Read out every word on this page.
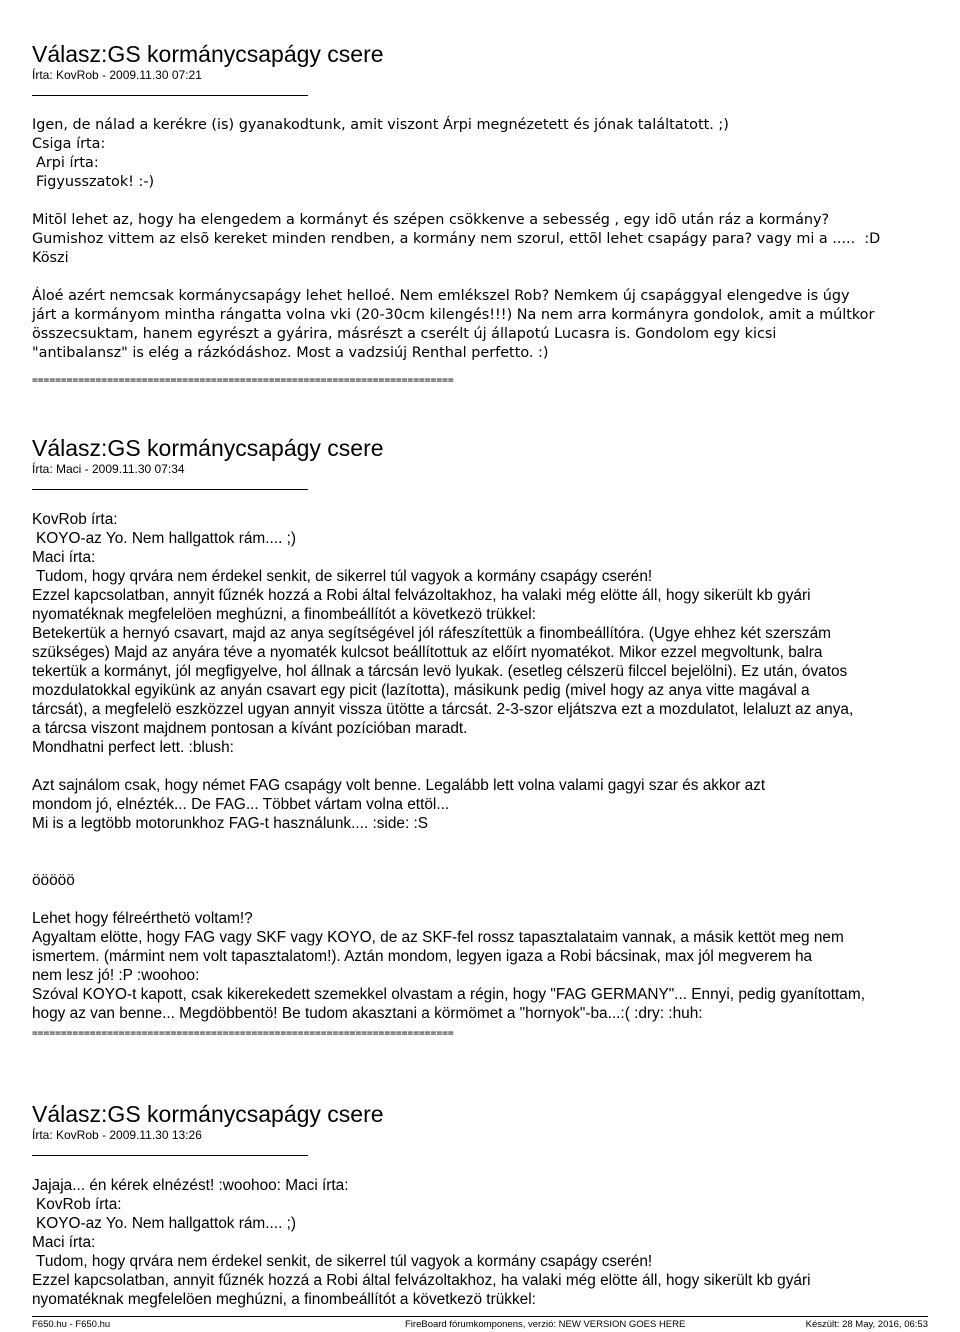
Válasz:GS kormánycsapágy csere
Írta: KovRob - 2009.11.30 07:21
Igen, de nálad a kerékre (is) gyanakodtunk, amit viszont Árpi megnézetett és jónak találtatott. ;)
Csiga írta:
Arpi írta:
Figyusszatok! :-)
Mitõl lehet az, hogy ha elengedem a kormányt és szépen csökkenve a sebesség , egy idõ után ráz a kormány?
Gumishoz vittem az elsõ kereket minden rendben, a kormány nem szorul, ettõl lehet csapágy para? vagy mi a .....  :D
Köszi
Áloé azért nemcsak kormánycsapágy lehet helloé. Nem emlékszel Rob? Nemkem új csapággyal elengedve is úgy
járt a kormányom mintha rángatta volna vki (20-30cm kilengés!!!) Na nem arra kormányra gondolok, amit a múltkor
összecsuktam, hanem egyrészt a gyárira, másrészt a cserélt új állapotú Lucasra is. Gondolom egy kicsi
"antibalansz" is elég a rázkódáshoz. Most a vadzsiúj Renthal perfetto. :)
=========================================================================
Válasz:GS kormánycsapágy csere
Írta: Maci - 2009.11.30 07:34
KovRob írta:
KOYO-az Yo. Nem hallgattok rám.... ;)
Maci írta:
Tudom, hogy qrvára nem érdekel senkit, de sikerrel túl vagyok a kormány csapágy cserén!
Ezzel kapcsolatban, annyit fűznék hozzá a Robi által felvázoltakhoz, ha valaki még elötte áll, hogy sikerült kb gyári
nyomatéknak megfelelöen meghúzni, a finombeállítót a következö trükkel:
Betekertük a hernyó csavart, majd az anya segítségével jól ráfeszítettük a finombeállítóra. (Ugye ehhez két szerszám
szükséges) Majd az anyára téve a nyomaték kulcsot beállítottuk az előírt nyomatékot. Mikor ezzel megvoltunk, balra
tekertük a kormányt, jól megfigyelve, hol állnak a tárcsán levö lyukak. (esetleg célszerü filccel bejelölni). Ez után, óvatos
mozdulatokkal egyikünk az anyán csavart egy picit (lazította), másikunk pedig (mivel hogy az anya vitte magával a
tárcsát), a megfelelö eszközzel ugyan annyit vissza ütötte a tárcsát. 2-3-szor eljátszva ezt a mozdulatot, lelaluzt az anya,
a tárcsa viszont majdnem pontosan a kívánt pozícióban maradt.
Mondhatni perfect lett. :blush:
Azt sajnálom csak, hogy német FAG csapágy volt benne. Legalább lett volna valami gagyi szar és akkor azt
mondom jó, elnézték... De FAG... Többet vártam volna ettöl...
Mi is a legtöbb motorunkhoz FAG-t használunk.... :side: :S
ööööö
Lehet hogy félreérthetö voltam!?
Agyaltam elötte, hogy FAG vagy SKF vagy KOYO, de az SKF-fel rossz tapasztalataim vannak, a másik kettöt meg nem
ismertem. (mármint nem volt tapasztalatom!). Aztán mondom, legyen igaza a Robi bácsinak, max jól megverem ha
nem lesz jó! :P :woohoo:
Szóval KOYO-t kapott, csak kikerekedett szemekkel olvastam a régin, hogy "FAG GERMANY"... Ennyi, pedig gyanítottam,
hogy az van benne... Megdöbbentö! Be tudom akasztani a körmömet a "hornyok"-ba...:( :dry: :huh:
=========================================================================
Válasz:GS kormánycsapágy csere
Írta: KovRob - 2009.11.30 13:26
Jajaja... én kérek elnézést! :woohoo: Maci írta:
KovRob írta:
KOYO-az Yo. Nem hallgattok rám.... ;)
Maci írta:
Tudom, hogy qrvára nem érdekel senkit, de sikerrel túl vagyok a kormány csapágy cserén!
Ezzel kapcsolatban, annyit fűznék hozzá a Robi által felvázoltakhoz, ha valaki még elötte áll, hogy sikerült kb gyári
nyomatéknak megfelelöen meghúzni, a finombeállítót a következö trükkel:
F650.hu - F650.hu	FireBoard fórumkomponens, verzió: NEW VERSION GOES HERE	Készült: 28 May, 2016, 06:53
